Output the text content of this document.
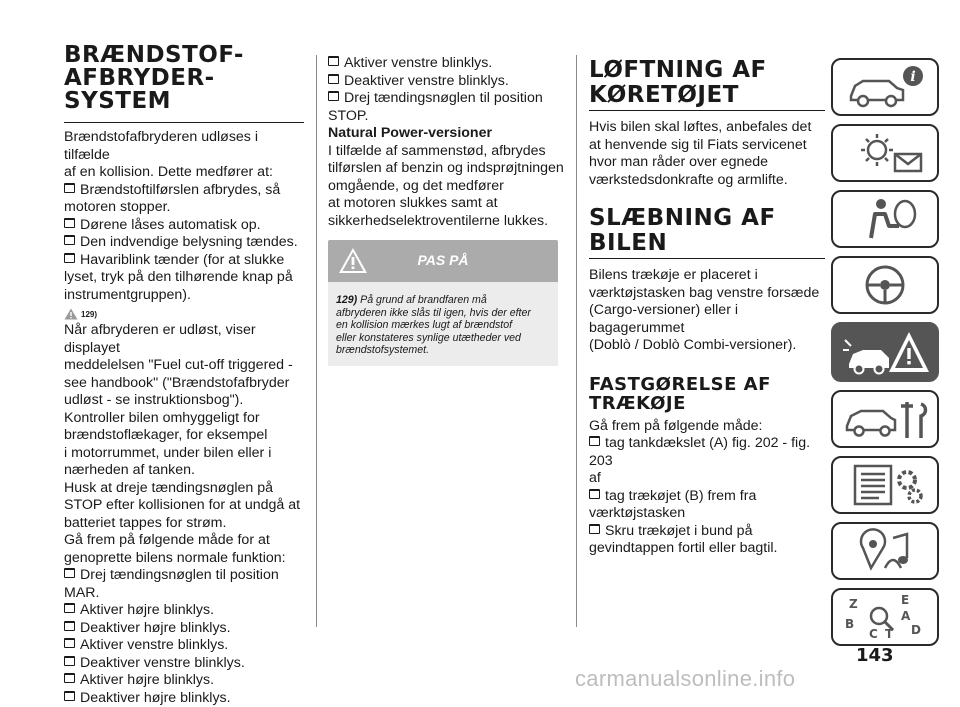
BRÆNDSTOF-
AFBRYDER-
SYSTEM
Brændstofafbryderen udløses i tilfælde
af en kollision. Dette medfører at:
Brændstoftilførslen afbrydes, så
motoren stopper.
Dørene låses automatisk op.
Den indvendige belysning tændes.
Havariblink tænder (for at slukke
lyset, tryk på den tilhørende knap på
instrumentgruppen).
129)
Når afbryderen er udløst, viser displayet
meddelelsen "Fuel cut-off triggered -
see handbook" ("Brændstofafbryder
udløst - se instruktionsbog").
Kontroller bilen omhyggeligt for
brændstoflækager, for eksempel
i motorrummet, under bilen eller i
nærheden af tanken.
Husk at dreje tændingsnøglen på
STOP efter kollisionen for at undgå at
batteriet tappes for strøm.
Gå frem på følgende måde for at
genoprette bilens normale funktion:
Drej tændingsnøglen til position
MAR.
Aktiver højre blinklys.
Deaktiver højre blinklys.
Aktiver venstre blinklys.
Deaktiver venstre blinklys.
Aktiver højre blinklys.
Deaktiver højre blinklys.
Aktiver venstre blinklys.
Deaktiver venstre blinklys.
Drej tændingsnøglen til position
STOP.
Natural Power-versioner
I tilfælde af sammenstød, afbrydes
tilførslen af benzin og indsprøjtningen
omgående, og det medfører
at motoren slukkes samt at
sikkerhedselektroventilerne lukkes.
PAS PÅ
129) På grund af brandfaren må
afbryderen ikke slås til igen, hvis der efter
en kollision mærkes lugt af brændstof
eller konstateres synlige utætheder ved
brændstofsystemet.
LØFTNING AF
KØRETØJET
Hvis bilen skal løftes, anbefales det
at henvende sig til Fiats servicenet
hvor man råder over egnede
værkstedsdonkrafte og armlifte.
SLÆBNING AF
BILEN
Bilens trækøje er placeret i
værktøjstasken bag venstre forsæde
(Cargo-versioner) eller i bagagerummet
(Doblò / Doblò Combi-versioner).
FASTGØRELSE AF
TRÆKØJE
Gå frem på følgende måde:
tag tankdækslet (A) fig. 202 - fig. 203
af
tag trækøjet (B) frem fra
værktøjstasken
Skru trækøjet i bund på
gevindtappen fortil eller bagtil.
i
Z	E
A
B
C	D
T
143
carmanualsonline.info
